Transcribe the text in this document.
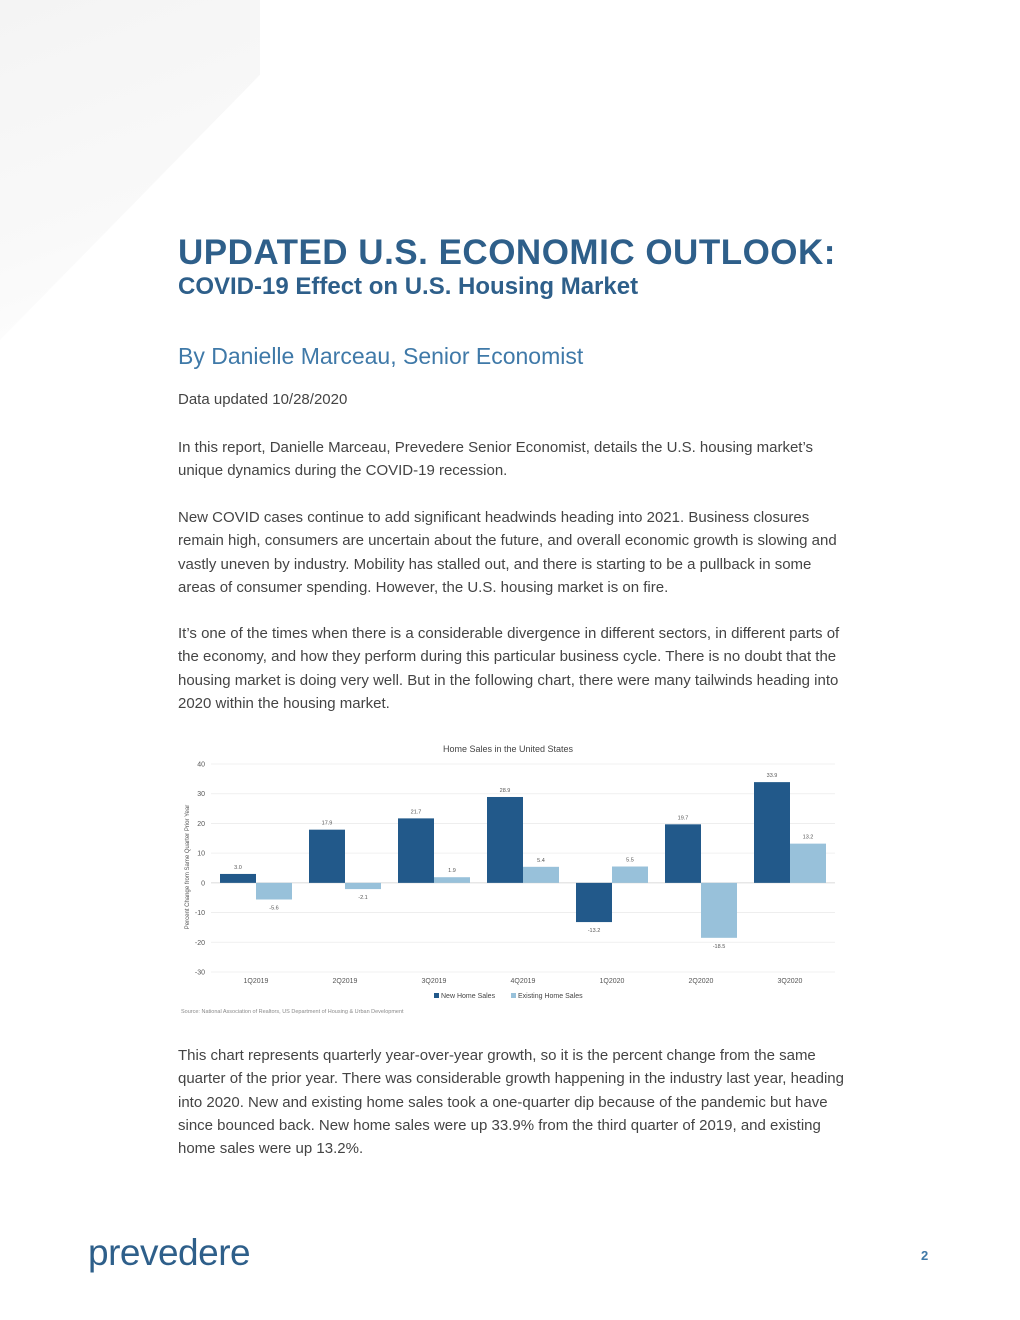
UPDATED U.S. ECONOMIC OUTLOOK:
COVID-19 Effect on U.S. Housing Market
By Danielle Marceau, Senior Economist

Data updated 10/28/2020

In this report, Danielle Marceau, Prevedere Senior Economist, details the U.S. housing market’s unique dynamics during the COVID-19 recession.

New COVID cases continue to add significant headwinds heading into 2021. Business closures remain high, consumers are uncertain about the future, and overall economic growth is slowing and vastly uneven by industry. Mobility has stalled out, and there is starting to be a pullback in some areas of consumer spending. However, the U.S. housing market is on fire.

It’s one of the times when there is a considerable divergence in different sectors, in different parts of the economy, and how they perform during this particular business cycle. There is no doubt that the housing market is doing very well. But in the following chart, there were many tailwinds heading into 2020 within the housing market.

This chart represents quarterly year-over-year growth, so it is the percent change from the same quarter of the prior year. There was considerable growth happening in the industry last year, heading into 2020. New and existing home sales took a one-quarter dip because of the pandemic but have since bounced back. New home sales were up 33.9% from the third quarter of 2019, and existing home sales were up 13.2%.

Home Sales in the United States
Percent Change from Same Quarter Prior Year
40
30
20
10
0
-10
-20
-30
3.0
-5.6
17.9
-2.1
21.7
1.9
28.9
5.4
-13.2
5.5
19.7
-18.5
33.9
13.2
1Q2019	2Q2019	3Q2019	4Q2019	1Q2020	2Q2020	3Q2020
New Home Sales	Existing Home Sales
Source: National Association of Realtors, US Department of Housing & Urban Development
prevedere	2
